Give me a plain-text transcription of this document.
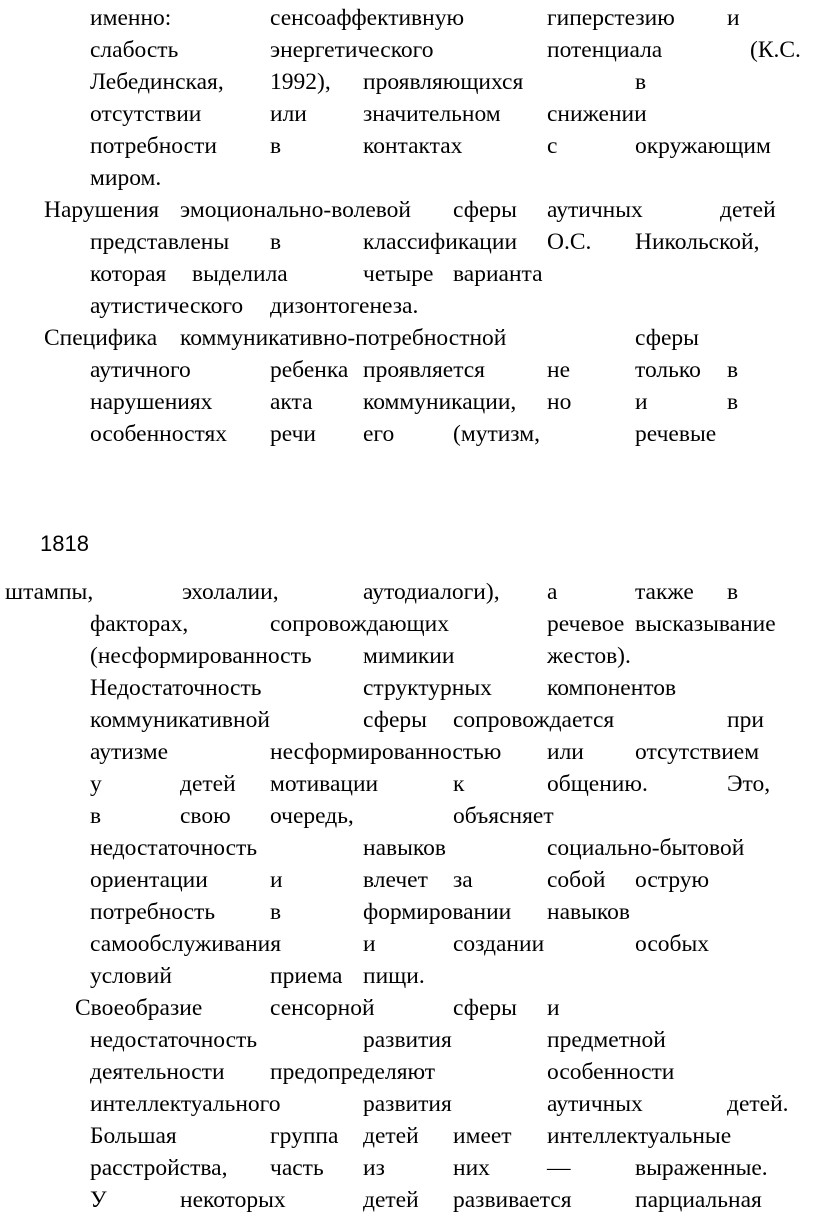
именно:	сенсоаффективную	гиперстезию и
слабость	энергетического	потенциала	(К.С.
Лебединская, 1992), проявляющихся	в
отсутствии	или значительном снижении
потребности в	контактах	с	окружающим
миром.
Нарушения эмоционально-волевой сферы аутичных	детей
представлены в	классификации О.С. Никольской,
которая выделила	четыре варианта
аутистического дизонтогенеза.
Специфика коммуникативно-потребностной	сферы
аутичного	ребенка проявляется	не	только в
нарушениях акта коммуникации, но	и	в
особенностях речи его	(мутизм,	речевые
штампы,	эхолалии,	аутодиалоги), а	также в
факторах,	сопровождающих	речевое высказывание
(несформированность мимикии	жестов).
Недостаточность	структурных компонентов
коммуникативной	сферы сопровождается	при
аутизме	несформированностью или отсутствием
у	детей мотивации	к	общению.	Это,
в	свою очередь,	объясняет
недостаточность	навыков	социально-бытовой
ориентации	и	влечет за	собой острую
потребность в	формировании навыков
самообслуживания	и	создании	особых
условий	приема пищи.
Своеобразие	сенсорной	сферы и
недостаточность	развития	предметной
деятельности предопределяют	особенности
интеллектуального	развития	аутичных	детей.
Большая	группа детей имеет интеллектуальные
расстройства, часть из	них —	выраженные.
У	некоторых	детей развивается	парциальная
1818
